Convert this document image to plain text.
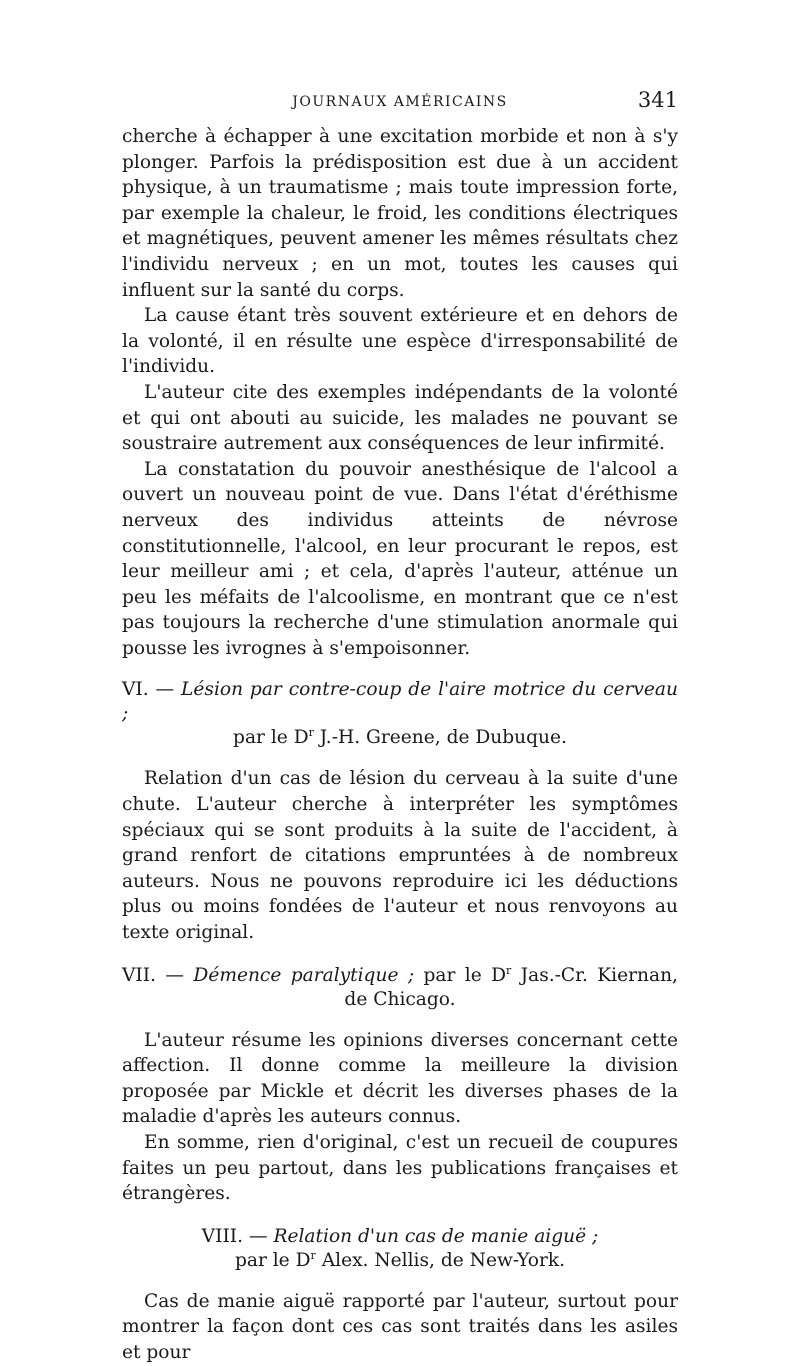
JOURNAUX AMÉRICAINS	341

cherche à échapper à une excitation morbide et non à s'y plonger. Parfois la prédisposition est due à un accident physique, à un traumatisme ; mais toute impression forte, par exemple la chaleur, le froid, les conditions électriques et magnétiques, peuvent amener les mêmes résultats chez l'individu nerveux ; en un mot, toutes les causes qui influent sur la santé du corps.

La cause étant très souvent extérieure et en dehors de la volonté, il en résulte une espèce d'irresponsabilité de l'individu.

L'auteur cite des exemples indépendants de la volonté et qui ont abouti au suicide, les malades ne pouvant se soustraire autrement aux conséquences de leur infirmité.

La constatation du pouvoir anesthésique de l'alcool a ouvert un nouveau point de vue. Dans l'état d'éréthisme nerveux des individus atteints de névrose constitutionnelle, l'alcool, en leur procurant le repos, est leur meilleur ami ; et cela, d'après l'auteur, atténue un peu les méfaits de l'alcoolisme, en montrant que ce n'est pas toujours la recherche d'une stimulation anormale qui pousse les ivrognes à s'empoisonner.

VI. — Lésion par contre-coup de l'aire motrice du cerveau ;
par le $D^r$ J.-H. Greene, de Dubuque.

Relation d'un cas de lésion du cerveau à la suite d'une chute. L'auteur cherche à interpréter les symptômes spéciaux qui se sont produits à la suite de l'accident, à grand renfort de citations empruntées à de nombreux auteurs. Nous ne pouvons reproduire ici les déductions plus ou moins fondées de l'auteur et nous renvoyons au texte original.

VII. — Démence paralytique ; par le $D^r$ Jas.-Cr. Kiernan,
de Chicago.

L'auteur résume les opinions diverses concernant cette affection. Il donne comme la meilleure la division proposée par Mickle et décrit les diverses phases de la maladie d'après les auteurs connus.

En somme, rien d'original, c'est un recueil de coupures faites un peu partout, dans les publications françaises et étrangères.

VIII. — Relation d'un cas de manie aiguë ;
par le $D^r$ Alex. Nellis, de New-York.

Cas de manie aiguë rapporté par l'auteur, surtout pour montrer la façon dont ces cas sont traités dans les asiles et pour
